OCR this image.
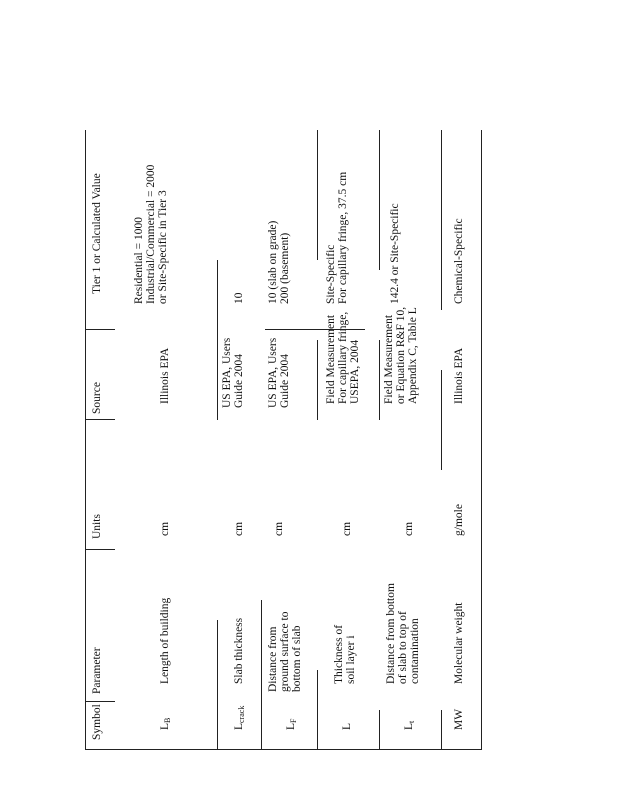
Symbol
Parameter
Units
Source
Tier 1 or Calculated Value
$L_B$
Length of building
cm
Illinois EPA
Residential = 1000 Industrial/Commercial = 2000 or Site-Specific in Tier 3
$L_{crack}$
Slab thickness
cm
US EPA, Users Guide 2004
10
$L_F$
Distance from ground surface to bottom of slab
cm
US EPA, Users Guide 2004
10 (slab on grade) 200 (basement)
L
Thickness of soil layer i
cm
Field Measurement For capillary fringe, USEPA, 2004
Site-Specific For capillary fringe, 37.5 cm
$L_t$
Distance from bottom of slab to top of contamination
cm
Field Measurement or Equation R&F 10, Appendix C, Table L
142.4 or Site-Specific
MW
Molecular weight
g/mole
Illinois EPA
Chemical-Specific
